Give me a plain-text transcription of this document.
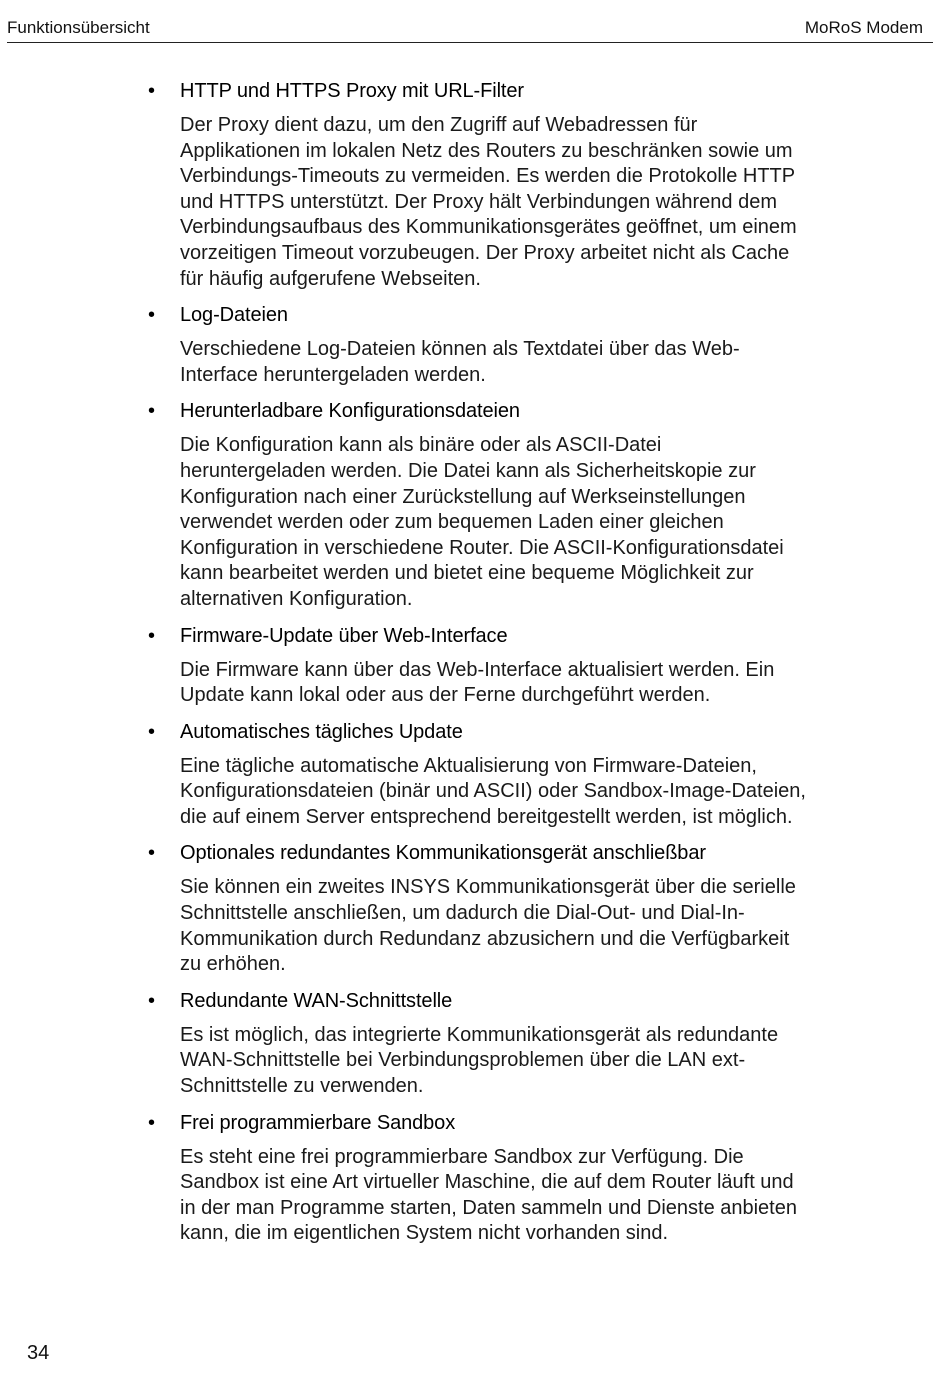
Funktionsübersicht	MoRoS Modem
• HTTP und HTTPS Proxy mit URL-Filter
Der Proxy dient dazu, um den Zugriff auf Webadressen für
Applikationen im lokalen Netz des Routers zu beschränken sowie um
Verbindungs-Timeouts zu vermeiden. Es werden die Protokolle HTTP
und HTTPS unterstützt. Der Proxy hält Verbindungen während dem
Verbindungsaufbaus des Kommunikationsgerätes geöffnet, um einem
vorzeitigen Timeout vorzubeugen. Der Proxy arbeitet nicht als Cache
für häufig aufgerufene Webseiten.
• Log-Dateien
Verschiedene Log-Dateien können als Textdatei über das Web-
Interface heruntergeladen werden.
• Herunterladbare Konfigurationsdateien
Die Konfiguration kann als binäre oder als ASCII-Datei
heruntergeladen werden. Die Datei kann als Sicherheitskopie zur
Konfiguration nach einer Zurückstellung auf Werkseinstellungen
verwendet werden oder zum bequemen Laden einer gleichen
Konfiguration in verschiedene Router. Die ASCII-Konfigurationsdatei
kann bearbeitet werden und bietet eine bequeme Möglichkeit zur
alternativen Konfiguration.
• Firmware-Update über Web-Interface
Die Firmware kann über das Web-Interface aktualisiert werden. Ein
Update kann lokal oder aus der Ferne durchgeführt werden.
• Automatisches tägliches Update
Eine tägliche automatische Aktualisierung von Firmware-Dateien,
Konfigurationsdateien (binär und ASCII) oder Sandbox-Image-Dateien,
die auf einem Server entsprechend bereitgestellt werden, ist möglich.
• Optionales redundantes Kommunikationsgerät anschließbar
Sie können ein zweites INSYS Kommunikationsgerät über die serielle
Schnittstelle anschließen, um dadurch die Dial-Out- und Dial-In-
Kommunikation durch Redundanz abzusichern und die Verfügbarkeit
zu erhöhen.
• Redundante WAN-Schnittstelle
Es ist möglich, das integrierte Kommunikationsgerät als redundante
WAN-Schnittstelle bei Verbindungsproblemen über die LAN ext-
Schnittstelle zu verwenden.
• Frei programmierbare Sandbox
Es steht eine frei programmierbare Sandbox zur Verfügung. Die
Sandbox ist eine Art virtueller Maschine, die auf dem Router läuft und
in der man Programme starten, Daten sammeln und Dienste anbieten
kann, die im eigentlichen System nicht vorhanden sind.
34
